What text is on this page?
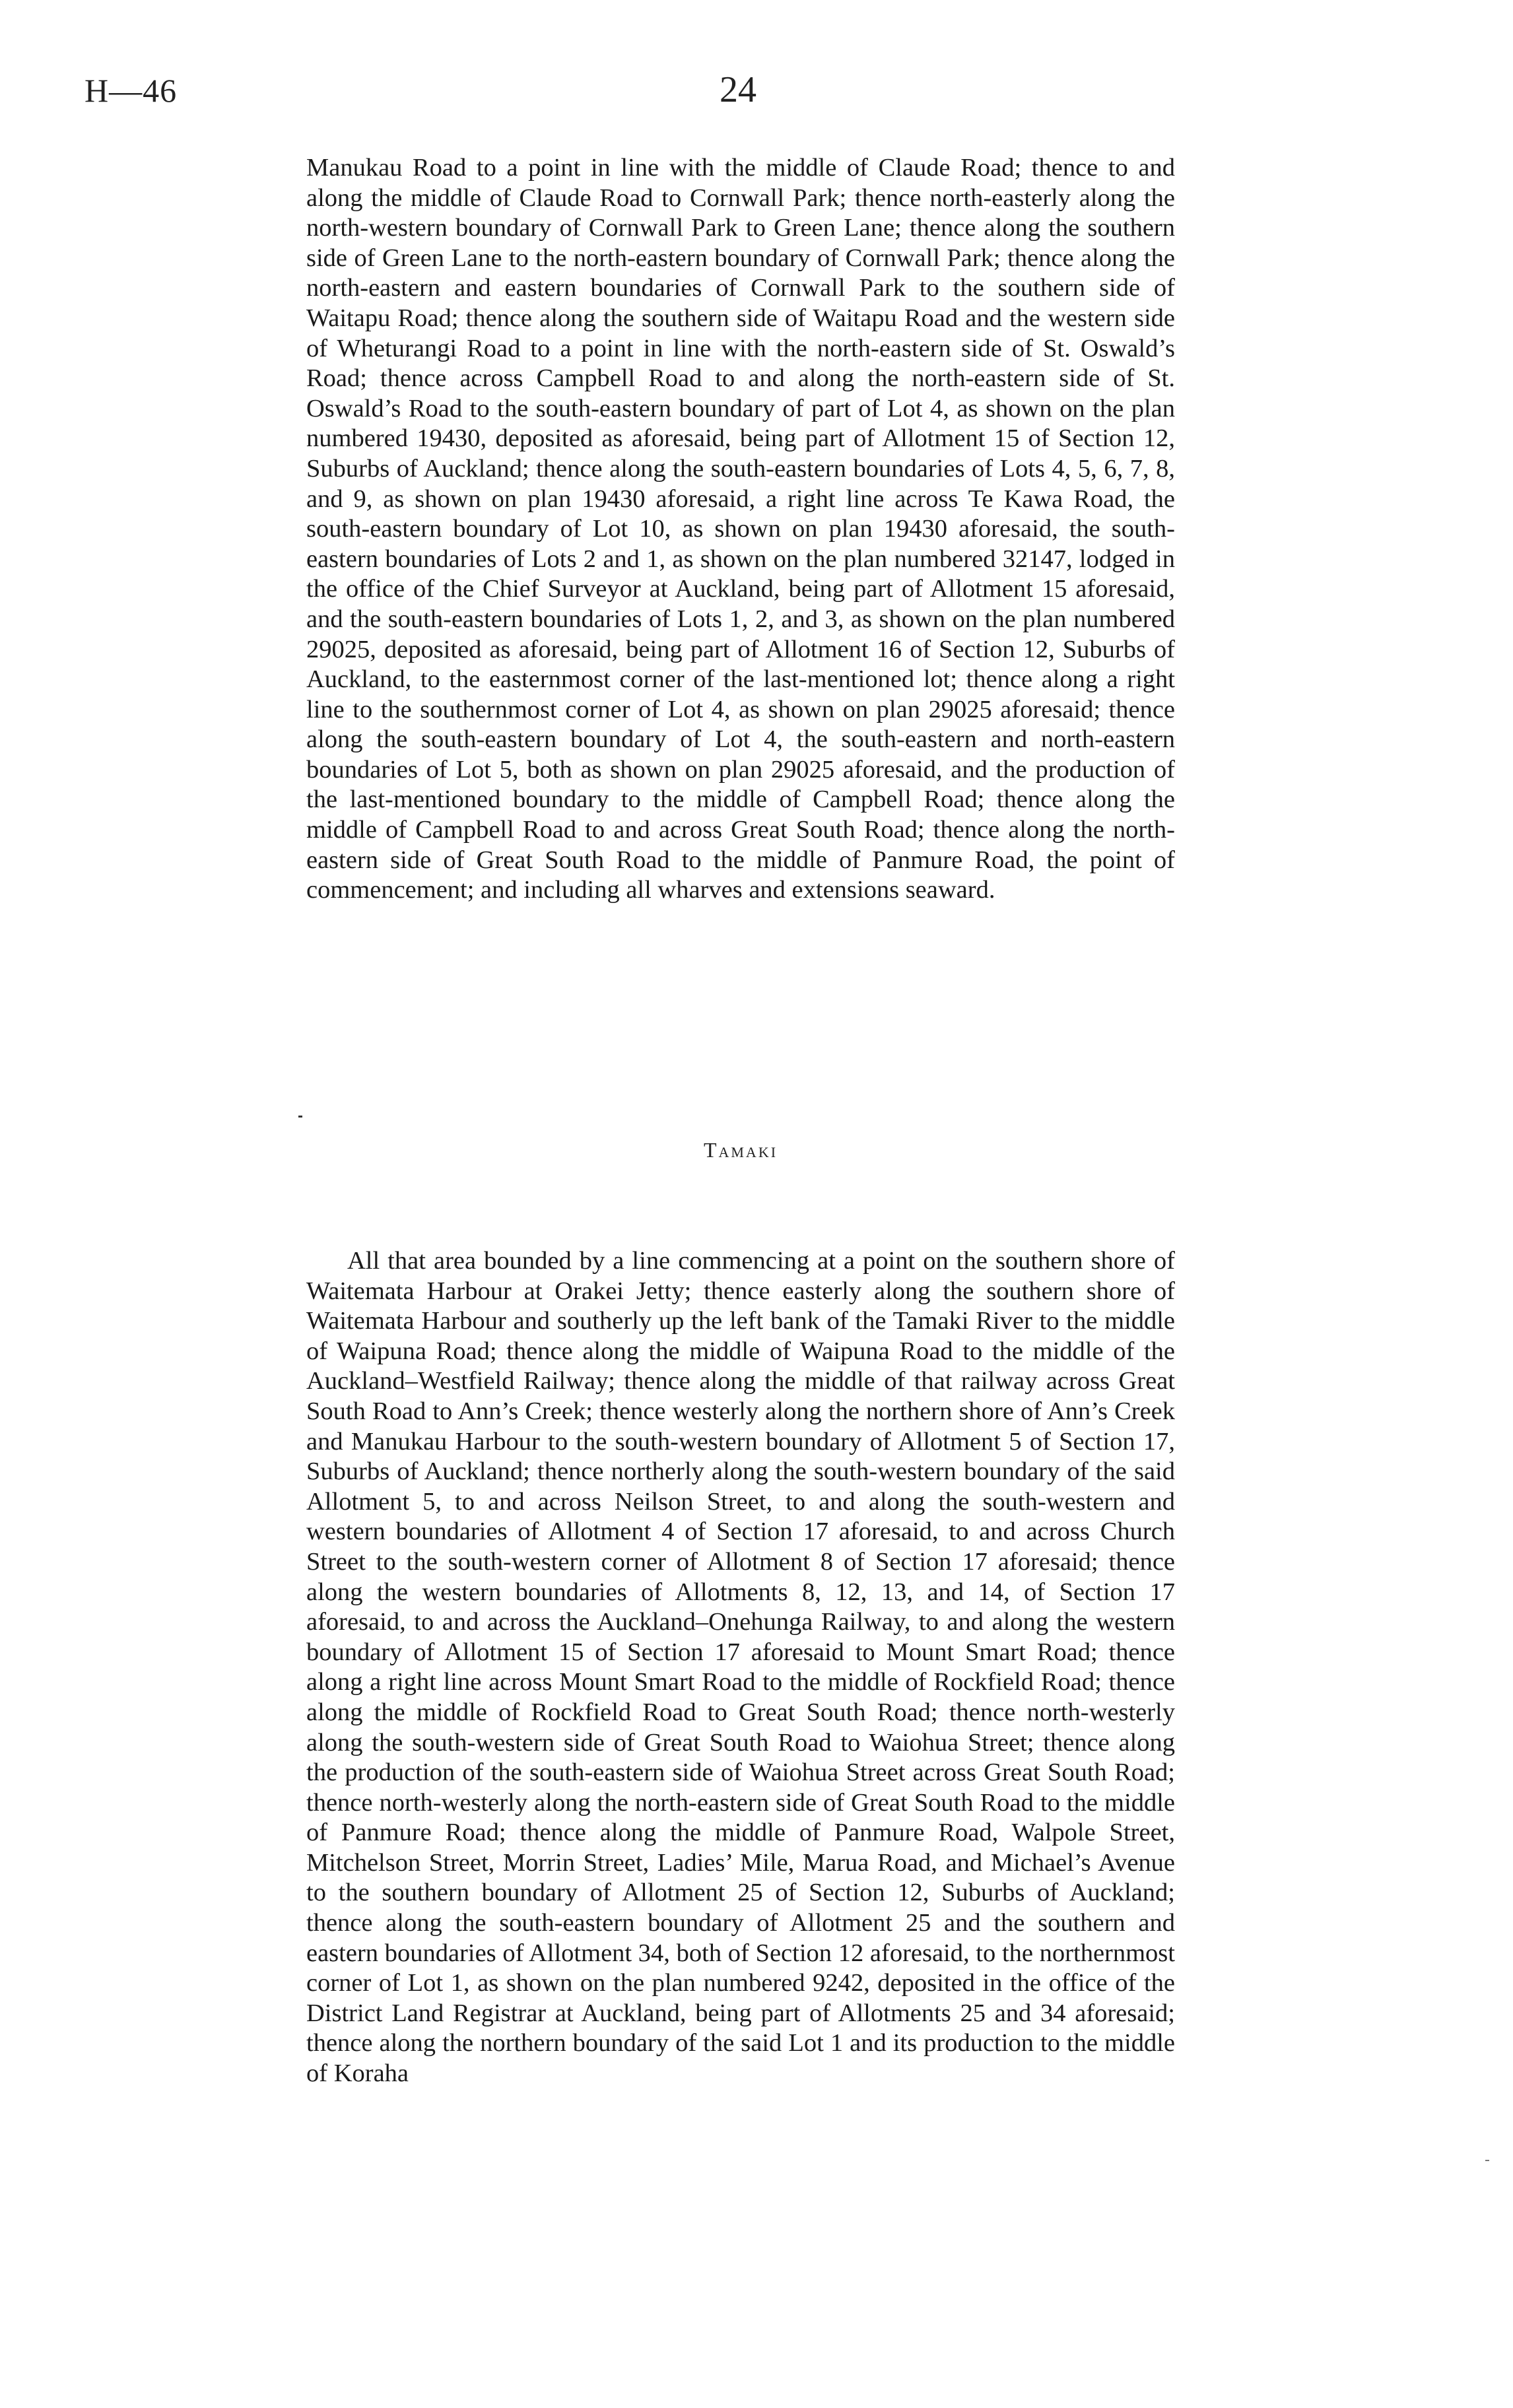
H—46	24

Manukau Road to a point in line with the middle of Claude Road; thence to and along the middle of Claude Road to Cornwall Park; thence north-easterly along the north-western boundary of Cornwall Park to Green Lane; thence along the southern side of Green Lane to the north-eastern boundary of Cornwall Park; thence along the north-eastern and eastern boundaries of Cornwall Park to the southern side of Waitapu Road; thence along the southern side of Waitapu Road and the western side of Wheturangi Road to a point in line with the north-eastern side of St. Oswald’s Road; thence across Campbell Road to and along the north-eastern side of St. Oswald’s Road to the south-eastern boundary of part of Lot 4, as shown on the plan numbered 19430, deposited as aforesaid, being part of Allotment 15 of Section 12, Suburbs of Auckland; thence along the south-eastern boundaries of Lots 4, 5, 6, 7, 8, and 9, as shown on plan 19430 aforesaid, a right line across Te Kawa Road, the south-eastern boundary of Lot 10, as shown on plan 19430 aforesaid, the south-eastern boundaries of Lots 2 and 1, as shown on the plan numbered 32147, lodged in the office of the Chief Surveyor at Auckland, being part of Allotment 15 aforesaid, and the south-eastern boundaries of Lots 1, 2, and 3, as shown on the plan numbered 29025, deposited as aforesaid, being part of Allotment 16 of Section 12, Suburbs of Auckland, to the easternmost corner of the last-mentioned lot; thence along a right line to the southernmost corner of Lot 4, as shown on plan 29025 aforesaid; thence along the south-eastern boundary of Lot 4, the south-eastern and north-eastern boundaries of Lot 5, both as shown on plan 29025 aforesaid, and the production of the last-mentioned boundary to the middle of Campbell Road; thence along the middle of Campbell Road to and across Great South Road; thence along the north-eastern side of Great South Road to the middle of Panmure Road, the point of commencement; and including all wharves and extensions seaward.

Tamaki

All that area bounded by a line commencing at a point on the southern shore of Waitemata Harbour at Orakei Jetty; thence easterly along the southern shore of Waitemata Harbour and southerly up the left bank of the Tamaki River to the middle of Waipuna Road; thence along the middle of Waipuna Road to the middle of the Auckland–Westfield Railway; thence along the middle of that railway across Great South Road to Ann’s Creek; thence westerly along the northern shore of Ann’s Creek and Manukau Harbour to the south-western boundary of Allotment 5 of Section 17, Suburbs of Auckland; thence northerly along the south-western boundary of the said Allotment 5, to and across Neilson Street, to and along the south-western and western boundaries of Allotment 4 of Section 17 aforesaid, to and across Church Street to the south-western corner of Allotment 8 of Section 17 aforesaid; thence along the western boundaries of Allotments 8, 12, 13, and 14, of Section 17 aforesaid, to and across the Auckland–Onehunga Railway, to and along the western boundary of Allotment 15 of Section 17 aforesaid to Mount Smart Road; thence along a right line across Mount Smart Road to the middle of Rockfield Road; thence along the middle of Rockfield Road to Great South Road; thence north-westerly along the south-western side of Great South Road to Waiohua Street; thence along the production of the south-eastern side of Waiohua Street across Great South Road; thence north-westerly along the north-eastern side of Great South Road to the middle of Panmure Road; thence along the middle of Panmure Road, Walpole Street, Mitchelson Street, Morrin Street, Ladies’ Mile, Marua Road, and Michael’s Avenue to the southern boundary of Allotment 25 of Section 12, Suburbs of Auckland; thence along the south-eastern boundary of Allotment 25 and the southern and eastern boundaries of Allotment 34, both of Section 12 aforesaid, to the northernmost corner of Lot 1, as shown on the plan numbered 9242, deposited in the office of the District Land Registrar at Auckland, being part of Allotments 25 and 34 aforesaid; thence along the northern boundary of the said Lot 1 and its production to the middle of Koraha
